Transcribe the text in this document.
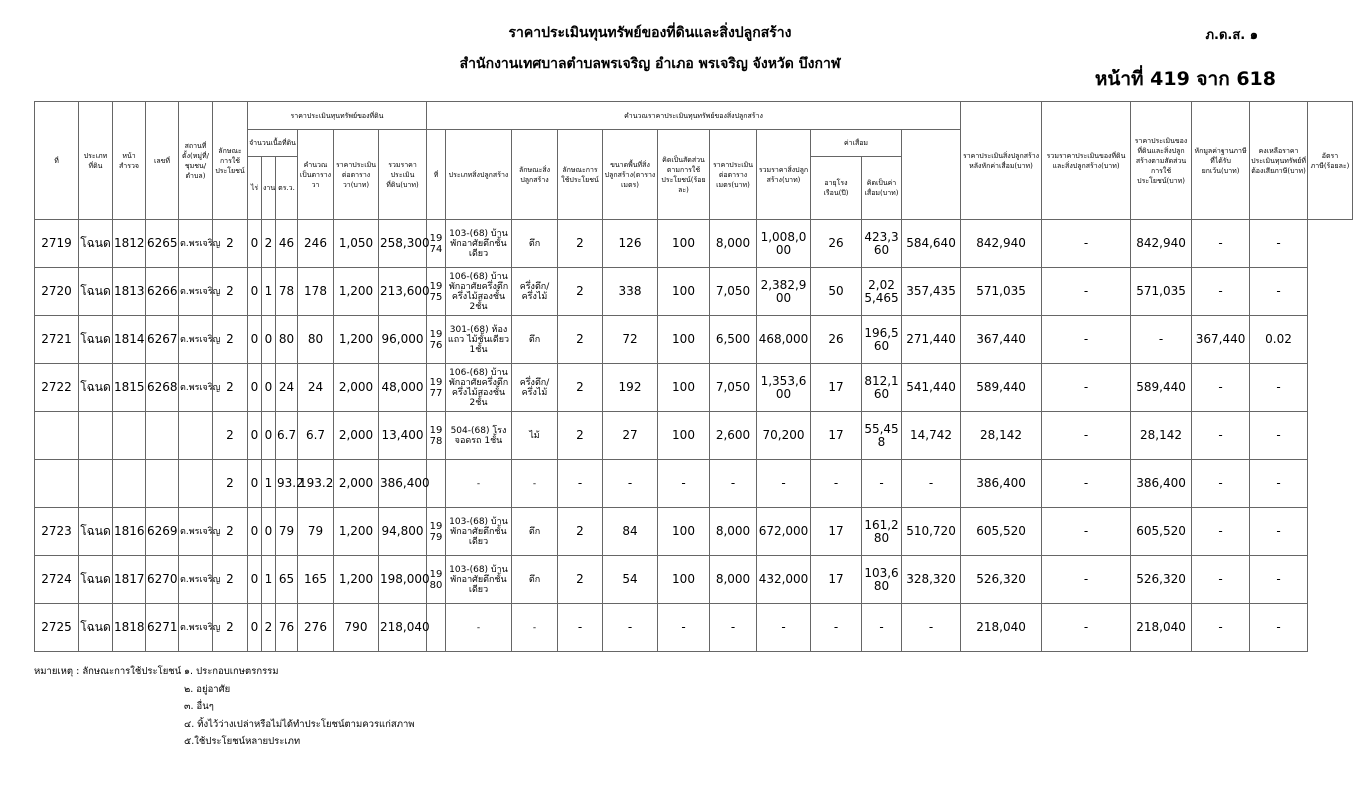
ราคาประเมินทุนทรัพย์ของที่ดินและสิ่งปลูกสร้าง
สำนักงานเทศบาลตำบลพรเจริญ อำเภอ พรเจริญ จังหวัด บึงกาฬ
ภ.ด.ส. ๑
หน้าที่ 419 จาก 618
ที่	ประเภทที่ดิน	หน้าสำรวจ	เลขที่	สถานที่ตั้ง(หมู่ที่/ชุมชน/ตำบล)	ลักษณะการใช้ประโยชน์	ราคาประเมินทุนทรัพย์ของที่ดิน						คำนวณราคาประเมินทุนทรัพย์ของสิ่งปลูกสร้าง											ราคาประเมินสิ่งปลูกสร้างหลังหักค่าเสื่อม(บาท)	รวมราคาประเมินของที่ดินและสิ่งปลูกสร้าง(บาท)	ราคาประเมินของที่ดินและสิ่งปลูกสร้างตามสัดส่วนการใช้ประโยชน์(บาท)	หักมูลค่าฐานภาษีที่ได้รับยกเว้น(บาท)	คงเหลือราคาประเมินทุนทรัพย์ที่ต้องเสียภาษี(บาท)	อัตราภาษี(ร้อยละ)
						จำนวนเนื้อที่ดิน			คำนวณเป็นตารางวา	ราคาประเมินต่อตารางวา(บาท)	รวมราคาประเมินที่ดิน(บาท)	ที่	ประเภทสิ่งปลูกสร้าง	ลักษณะสิ่งปลูกสร้าง	ลักษณะการใช้ประโยชน์	ขนาดพื้นที่สิ่งปลูกสร้าง(ตารางเมตร)	คิดเป็นสัดส่วนตามการใช้ประโยชน์(ร้อยละ)	ราคาประเมินต่อตารางเมตร(บาท)	รวมราคาสิ่งปลูกสร้าง(บาท)	ค่าเสื่อม								
						ไร่	งาน	ตร.ว.												อายุโรงเรือน(ปี)	คิดเป็นค่าเสื่อม(บาท)							
2719	โฉนด	1812	6265	ต.พรเจริญ	2	0	2	46	246	1,050	258,300	1974	103-(68) บ้านพักอาศัยตึกชั้นเดียว	ตึก	2	126	100	8,000	1,008,000	26	423,360	584,640	842,940	-	842,940	-	-	
2720	โฉนด	1813	6266	ต.พรเจริญ	2	0	1	78	178	1,200	213,600	1975	106-(68) บ้านพักอาศัยครึ่งตึกครึ่งไม้สองชั้น 2ชั้น	ครึ่งตึก/ครึ่งไม้	2	338	100	7,050	2,382,900	50	2,025,465	357,435	571,035	-	571,035	-	-	
2721	โฉนด	1814	6267	ต.พรเจริญ	2	0	0	80	80	1,200	96,000	1976	301-(68) ห้องแถว ไม้ชั้นเดียว 1ชั้น	ตึก	2	72	100	6,500	468,000	26	196,560	271,440	367,440	-	-	367,440	0.02	
2722	โฉนด	1815	6268	ต.พรเจริญ	2	0	0	24	24	2,000	48,000	1977	106-(68) บ้านพักอาศัยครึ่งตึกครึ่งไม้สองชั้น 2ชั้น	ครึ่งตึก/ครึ่งไม้	2	192	100	7,050	1,353,600	17	812,160	541,440	589,440	-	589,440	-	-	
					2	0	0	6.7	6.7	2,000	13,400	1978	504-(68) โรงจอดรถ 1ชั้น	ไม้	2	27	100	2,600	70,200	17	55,458	14,742	28,142	-	28,142	-	-	
					2	0	1	93.2	193.2	2,000	386,400		-	-	-	-	-	-	-	-	-	-	386,400	-	386,400	-	-	
2723	โฉนด	1816	6269	ต.พรเจริญ	2	0	0	79	79	1,200	94,800	1979	103-(68) บ้านพักอาศัยตึกชั้นเดียว	ตึก	2	84	100	8,000	672,000	17	161,280	510,720	605,520	-	605,520	-	-	
2724	โฉนด	1817	6270	ต.พรเจริญ	2	0	1	65	165	1,200	198,000	1980	103-(68) บ้านพักอาศัยตึกชั้นเดียว	ตึก	2	54	100	8,000	432,000	17	103,680	328,320	526,320	-	526,320	-	-	
2725	โฉนด	1818	6271	ต.พรเจริญ	2	0	2	76	276	790	218,040		-	-	-	-	-	-	-	-	-	-	218,040	-	218,040	-	-	
หมายเหตุ : ลักษณะการใช้ประโยชน์ ๑. ประกอบเกษตรกรรม
๒. อยู่อาศัย
๓. อื่นๆ
๔. ทิ้งไว้ว่างเปล่าหรือไม่ได้ทำประโยชน์ตามควรแก่สภาพ
๕.ใช้ประโยชน์หลายประเภท
